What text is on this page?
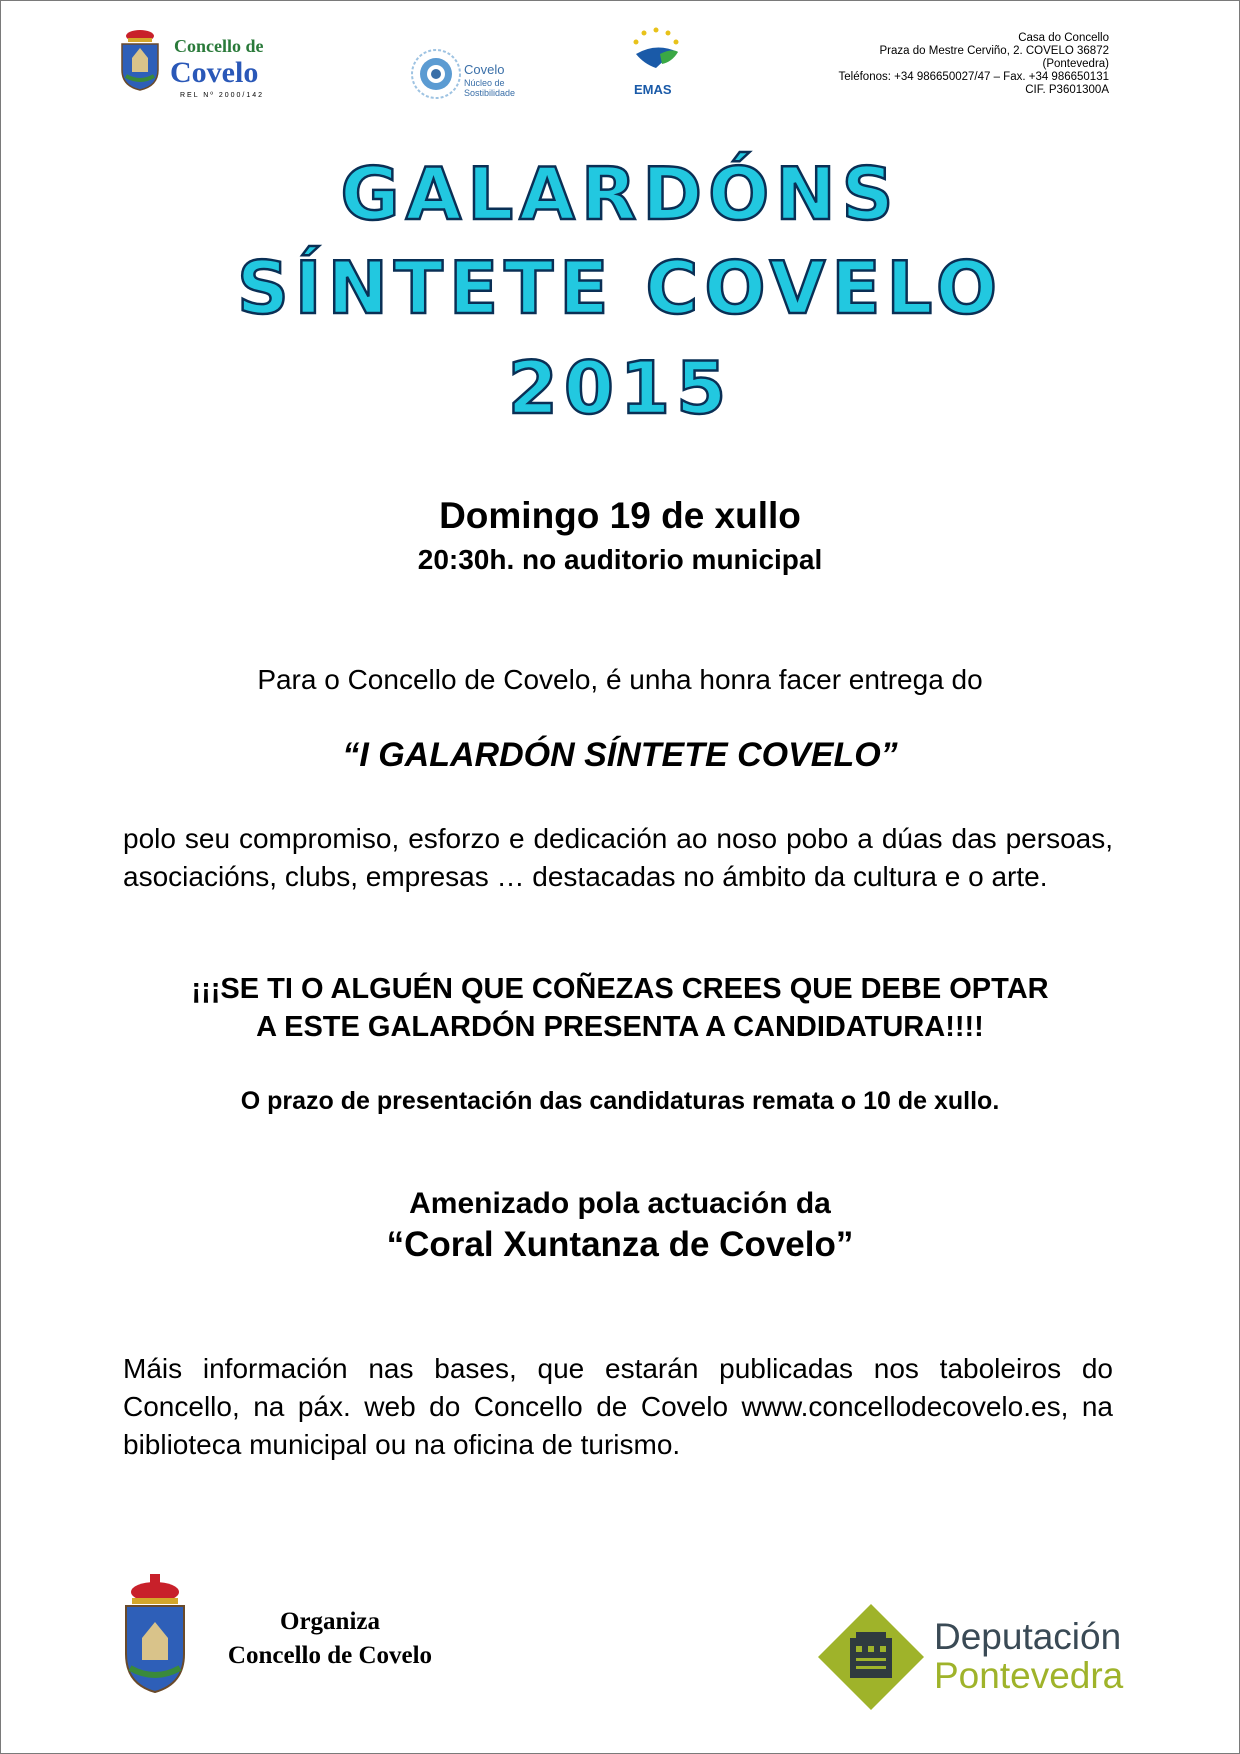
Concello de
Covelo
REL Nº 2000/142
Covelo
Núcleo de
Sostibilidade	EMAS
Casa do Concello
Praza do Mestre Cerviño, 2. COVELO 36872
(Pontevedra)
Teléfonos: +34 986650027/47 – Fax. +34 986650131
CIF. P3601300A
GALARDÓNS
SÍNTETE COVELO
2015
Domingo 19 de xullo
20:30h. no auditorio municipal
Para o Concello de Covelo, é unha honra facer entrega do
“I GALARDÓN SÍNTETE COVELO”
polo seu compromiso, esforzo e dedicación ao noso pobo a dúas das persoas, asociacións, clubs, empresas … destacadas no ámbito da cultura e o arte.
¡¡¡SE TI O ALGUÉN QUE COÑEZAS CREES QUE DEBE OPTAR
A ESTE GALARDÓN PRESENTA A CANDIDATURA!!!!
O prazo de presentación das candidaturas remata o 10 de xullo.
Amenizado pola actuación da
“Coral Xuntanza de Covelo”
Máis información nas bases, que estarán publicadas nos taboleiros do Concello, na páx. web do Concello de Covelo www.concellodecovelo.es, na biblioteca municipal ou na oficina de turismo.
Organiza
Concello de Covelo	Deputación
Pontevedra
